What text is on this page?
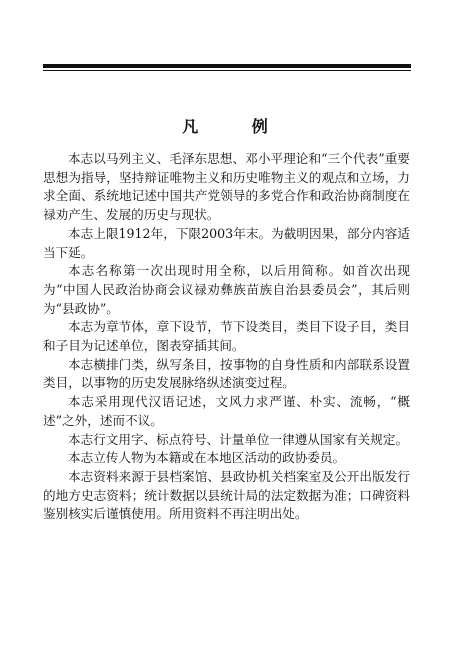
凡 例

本志以马列主义、毛泽东思想、邓小平理论和“三个代表”重要思想为指导，坚持辩证唯物主义和历史唯物主义的观点和立场，力求全面、系统地记述中国共产党领导的多党合作和政治协商制度在禄劝产生、发展的历史与现状。

本志上限1912年，下限2003年末。为截明因果，部分内容适当下延。

本志名称第一次出现时用全称，以后用简称。如首次出现为“中国人民政治协商会议禄劝彝族苗族自治县委员会”，其后则为“县政协”。

本志为章节体，章下设节，节下设类目，类目下设子目，类目和子目为记述单位，图表穿插其间。

本志横排门类，纵写条目，按事物的自身性质和内部联系设置类目，以事物的历史发展脉络纵述演变过程。

本志采用现代汉语记述，文风力求严谨、朴实、流畅，“概述”之外，述而不议。

本志行文用字、标点符号、计量单位一律遵从国家有关规定。

本志立传人物为本籍或在本地区活动的政协委员。

本志资料来源于县档案馆、县政协机关档案室及公开出版发行的地方史志资料；统计数据以县统计局的法定数据为准；口碑资料鉴别核实后谨慎使用。所用资料不再注明出处。
